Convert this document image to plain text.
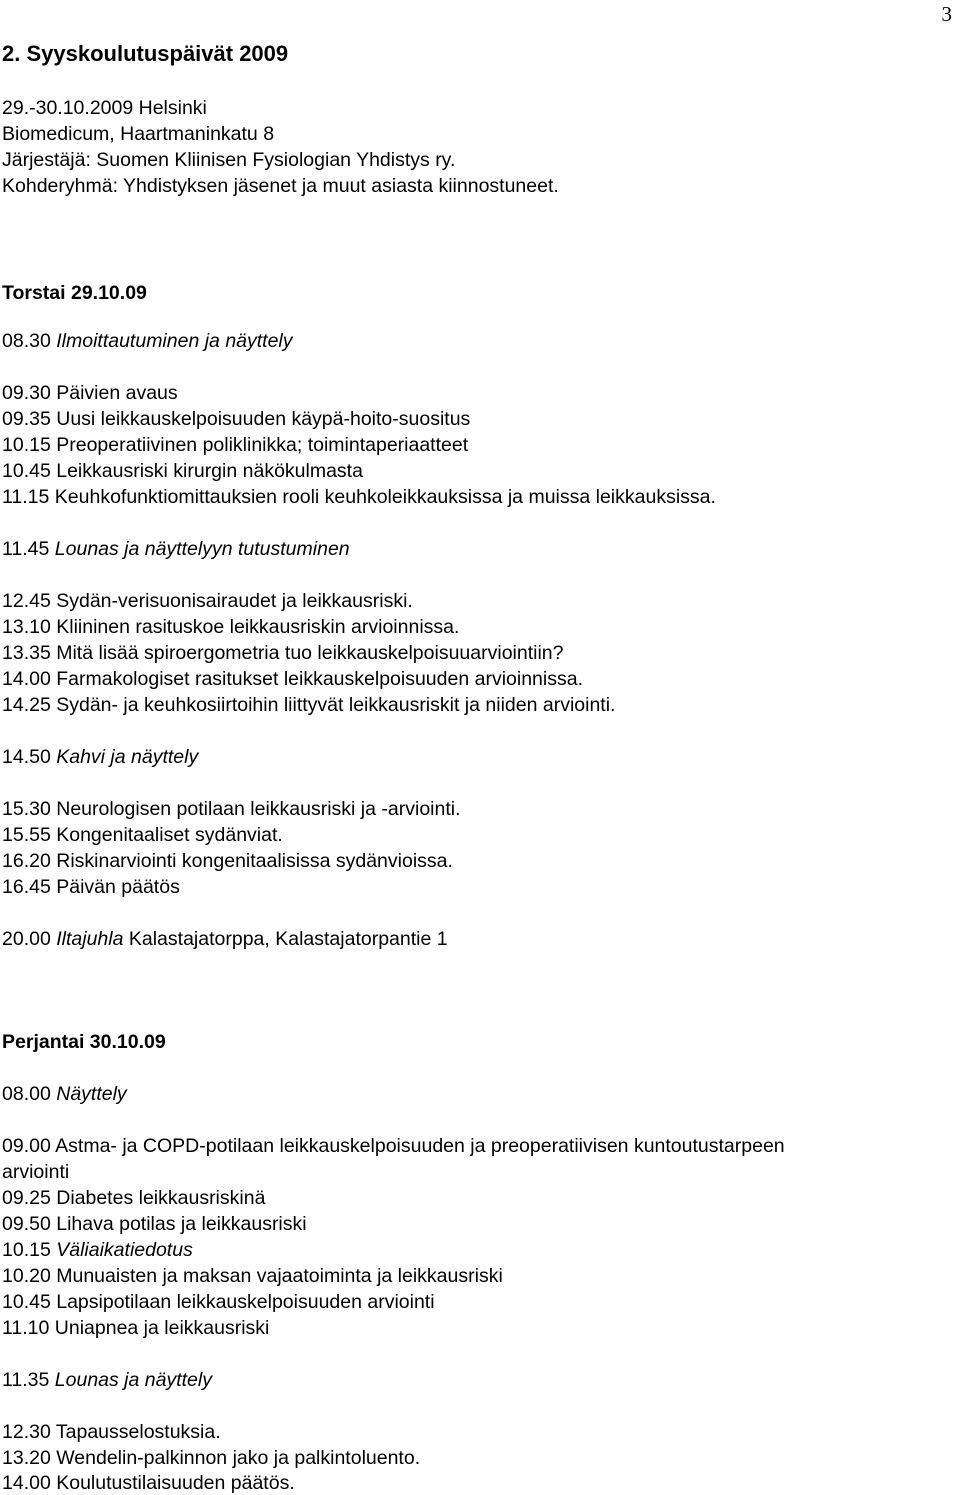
3
2. Syyskoulutuspäivät 2009
29.-30.10.2009 Helsinki
Biomedicum, Haartmaninkatu 8
Järjestäjä: Suomen Kliinisen Fysiologian Yhdistys ry.
Kohderyhmä: Yhdistyksen jäsenet ja muut asiasta kiinnostuneet.
Torstai 29.10.09
08.30 Ilmoittautuminen ja näyttely
09.30 Päivien avaus
09.35 Uusi leikkauskelpoisuuden käypä-hoito-suositus
10.15 Preoperatiivinen poliklinikka; toimintaperiaatteet
10.45 Leikkausriski kirurgin näkökulmasta
11.15 Keuhkofunktiomittauksien rooli keuhkoleikkauksissa ja muissa leikkauksissa.
11.45 Lounas ja näyttelyyn tutustuminen
12.45 Sydän-verisuonisairaudet ja leikkausriski.
13.10 Kliininen rasituskoe leikkausriskin arvioinnissa.
13.35 Mitä lisää spiroergometria tuo leikkauskelpoisuuarviointiin?
14.00 Farmakologiset rasitukset leikkauskelpoisuuden arvioinnissa.
14.25 Sydän- ja keuhkosiirtoihin liittyvät leikkausriskit ja niiden arviointi.
14.50 Kahvi ja näyttely
15.30 Neurologisen potilaan leikkausriski ja -arviointi.
15.55 Kongenitaaliset sydänviat.
16.20 Riskinarviointi kongenitaalisissa sydänvioissa.
16.45 Päivän päätös
20.00 Iltajuhla Kalastajatorppa, Kalastajatorpantie 1
Perjantai 30.10.09
08.00 Näyttely
09.00 Astma- ja COPD-potilaan leikkauskelpoisuuden ja preoperatiivisen kuntoutustarpeen
arviointi
09.25 Diabetes leikkausriskinä
09.50 Lihava potilas ja leikkausriski
10.15 Väliaikatiedotus
10.20 Munuaisten ja maksan vajaatoiminta ja leikkausriski
10.45 Lapsipotilaan leikkauskelpoisuuden arviointi
11.10 Uniapnea ja leikkausriski
11.35 Lounas ja näyttely
12.30 Tapausselostuksia.
13.20 Wendelin-palkinnon jako ja palkintoluento.
14.00 Koulutustilaisuuden päätös.
